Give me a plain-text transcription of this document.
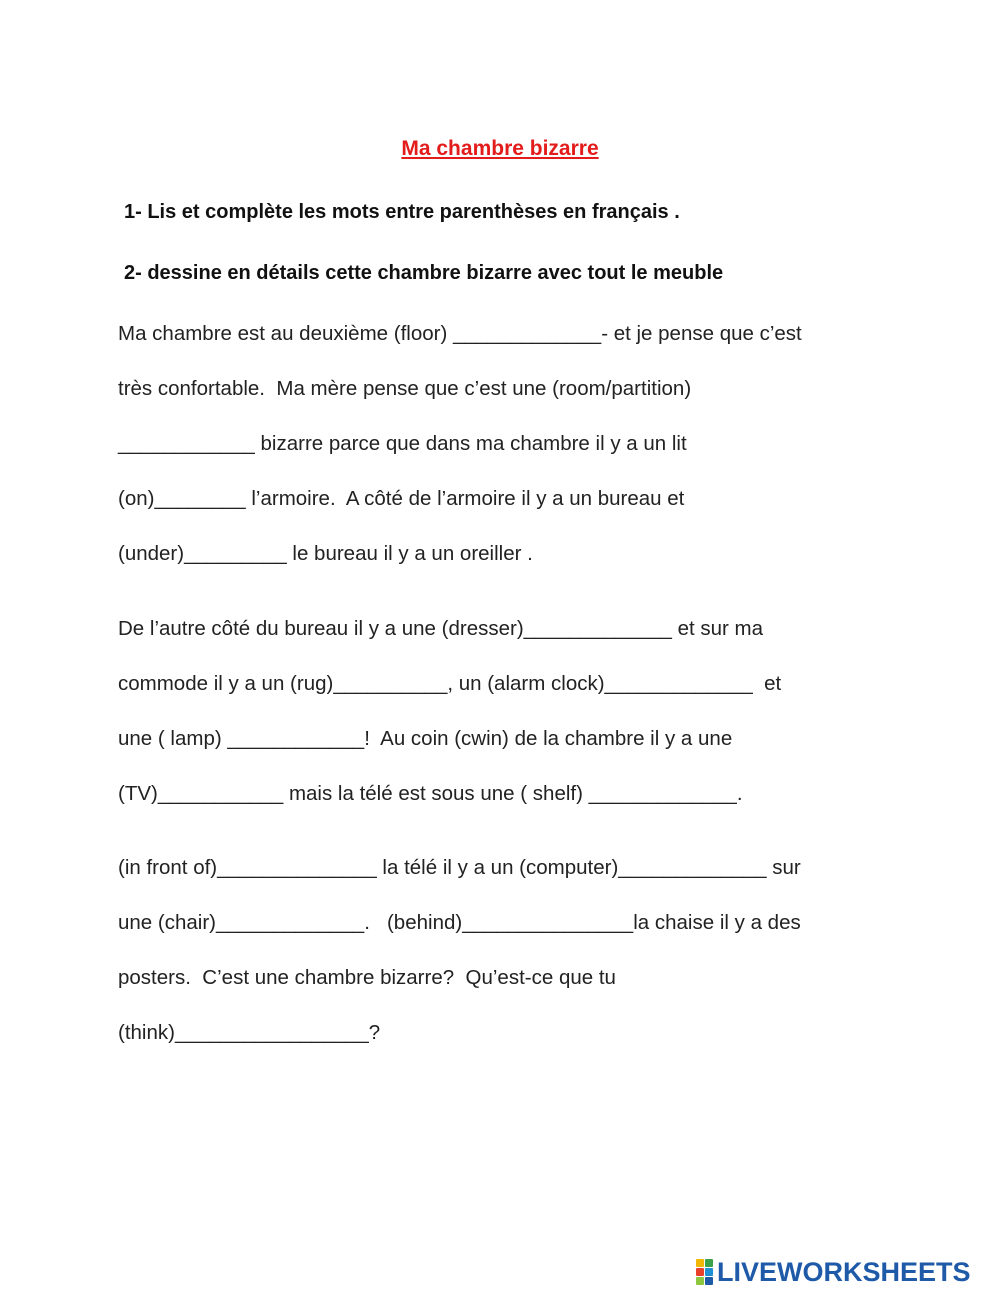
Ma chambre bizarre
1- Lis et complète les mots entre parenthèses en français .
2- dessine en détails cette chambre bizarre avec tout le meuble
Ma chambre est au deuxième (floor) _____________- et je pense que c’est
très confortable.  Ma mère pense que c’est une (room/partition)
____________ bizarre parce que dans ma chambre il y a un lit
(on)________ l’armoire.  A côté de l’armoire il y a un bureau et
(under)_________ le bureau il y a un oreiller .
De l’autre côté du bureau il y a une (dresser)_____________ et sur ma
commode il y a un (rug)__________, un (alarm clock)_____________  et
une ( lamp) ____________!  Au coin (cwin) de la chambre il y a une
(TV)___________ mais la télé est sous une ( shelf) _____________.
(in front of)______________ la télé il y a un (computer)_____________ sur
une (chair)_____________.   (behind)_______________la chaise il y a des
posters.  C’est une chambre bizarre?  Qu’est-ce que tu
(think)_________________?
LIVEWORKSHEETS
